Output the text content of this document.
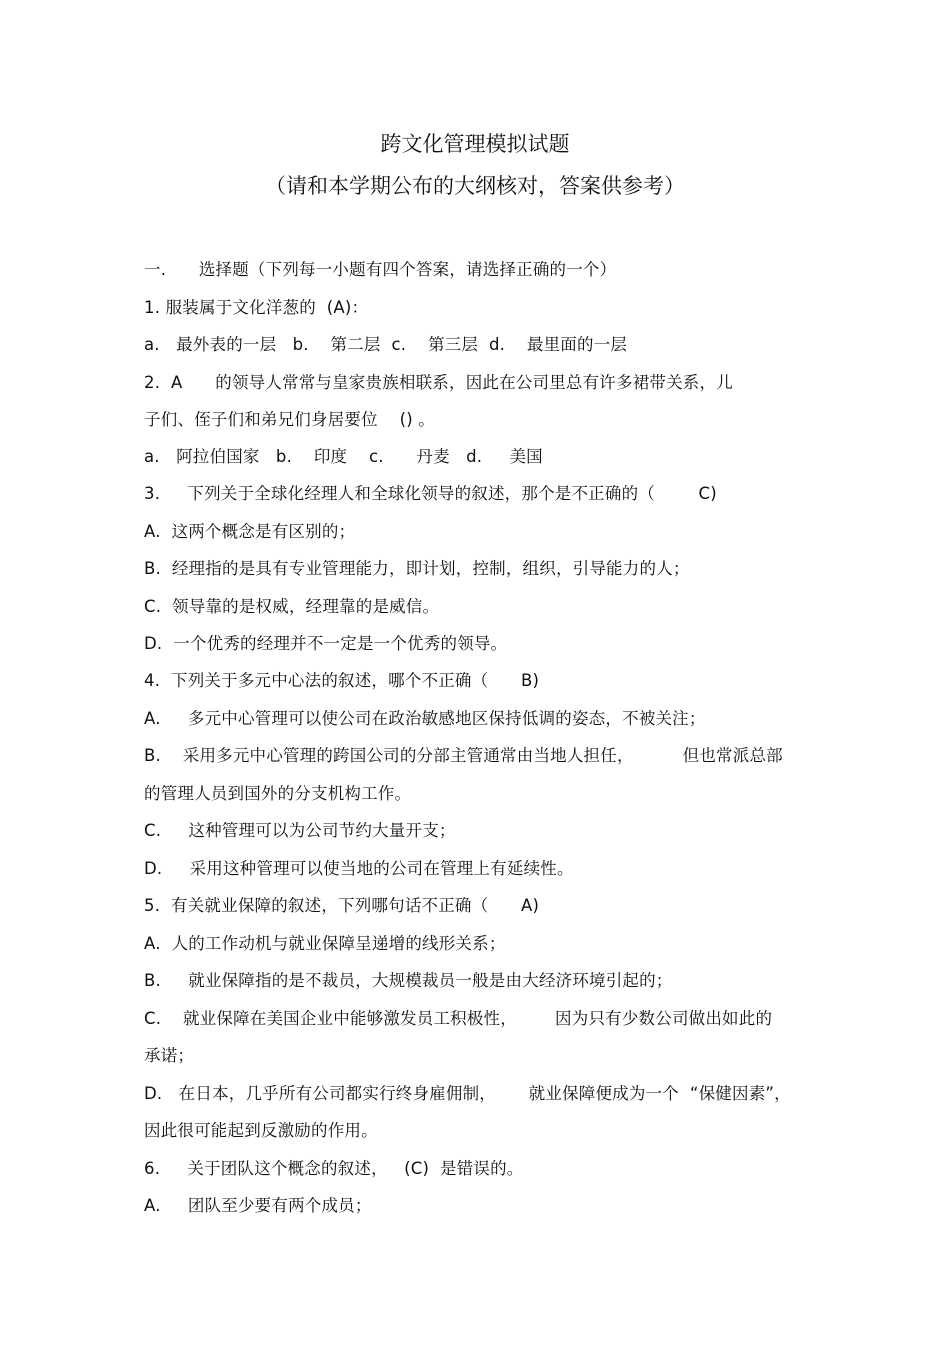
跨文化管理模拟试题
（请和本学期公布的大纲核对，答案供参考）
一.      选择题（下列每一小题有四个答案，请选择正确的一个）
1. 服装属于文化洋葱的  (A)：
a.   最外表的一层   b.    第二层  c.    第三层  d.    最里面的一层
2.  A      的领导人常常与皇家贵族相联系，因此在公司里总有许多裙带关系，儿
子们、侄子们和弟兄们身居要位    () 。
a.   阿拉伯国家   b.    印度    c.      丹麦   d.     美国
3.     下列关于全球化经理人和全球化领导的叙述，那个是不正确的（        C)
A.  这两个概念是有区别的；
B.  经理指的是具有专业管理能力，即计划，控制，组织，引导能力的人；
C.  领导靠的是权威，经理靠的是威信。
D.  一个优秀的经理并不一定是一个优秀的领导。
4.  下列关于多元中心法的叙述，哪个不正确（      B)
A.     多元中心管理可以使公司在政治敏感地区保持低调的姿态，不被关注；
B.    采用多元中心管理的跨国公司的分部主管通常由当地人担任，         但也常派总部
的管理人员到国外的分支机构工作。
C.     这种管理可以为公司节约大量开支；
D.     采用这种管理可以使当地的公司在管理上有延续性。
5.  有关就业保障的叙述，下列哪句话不正确（      A)
A.  人的工作动机与就业保障呈递增的线形关系；
B.     就业保障指的是不裁员，大规模裁员一般是由大经济环境引起的；
C.    就业保障在美国企业中能够激发员工积极性，       因为只有少数公司做出如此的
承诺；
D.   在日本，几乎所有公司都实行终身雇佣制，      就业保障便成为一个  “保健因素”，
因此很可能起到反激励的作用。
6.     关于团队这个概念的叙述，   (C)  是错误的。
A.     团队至少要有两个成员；
